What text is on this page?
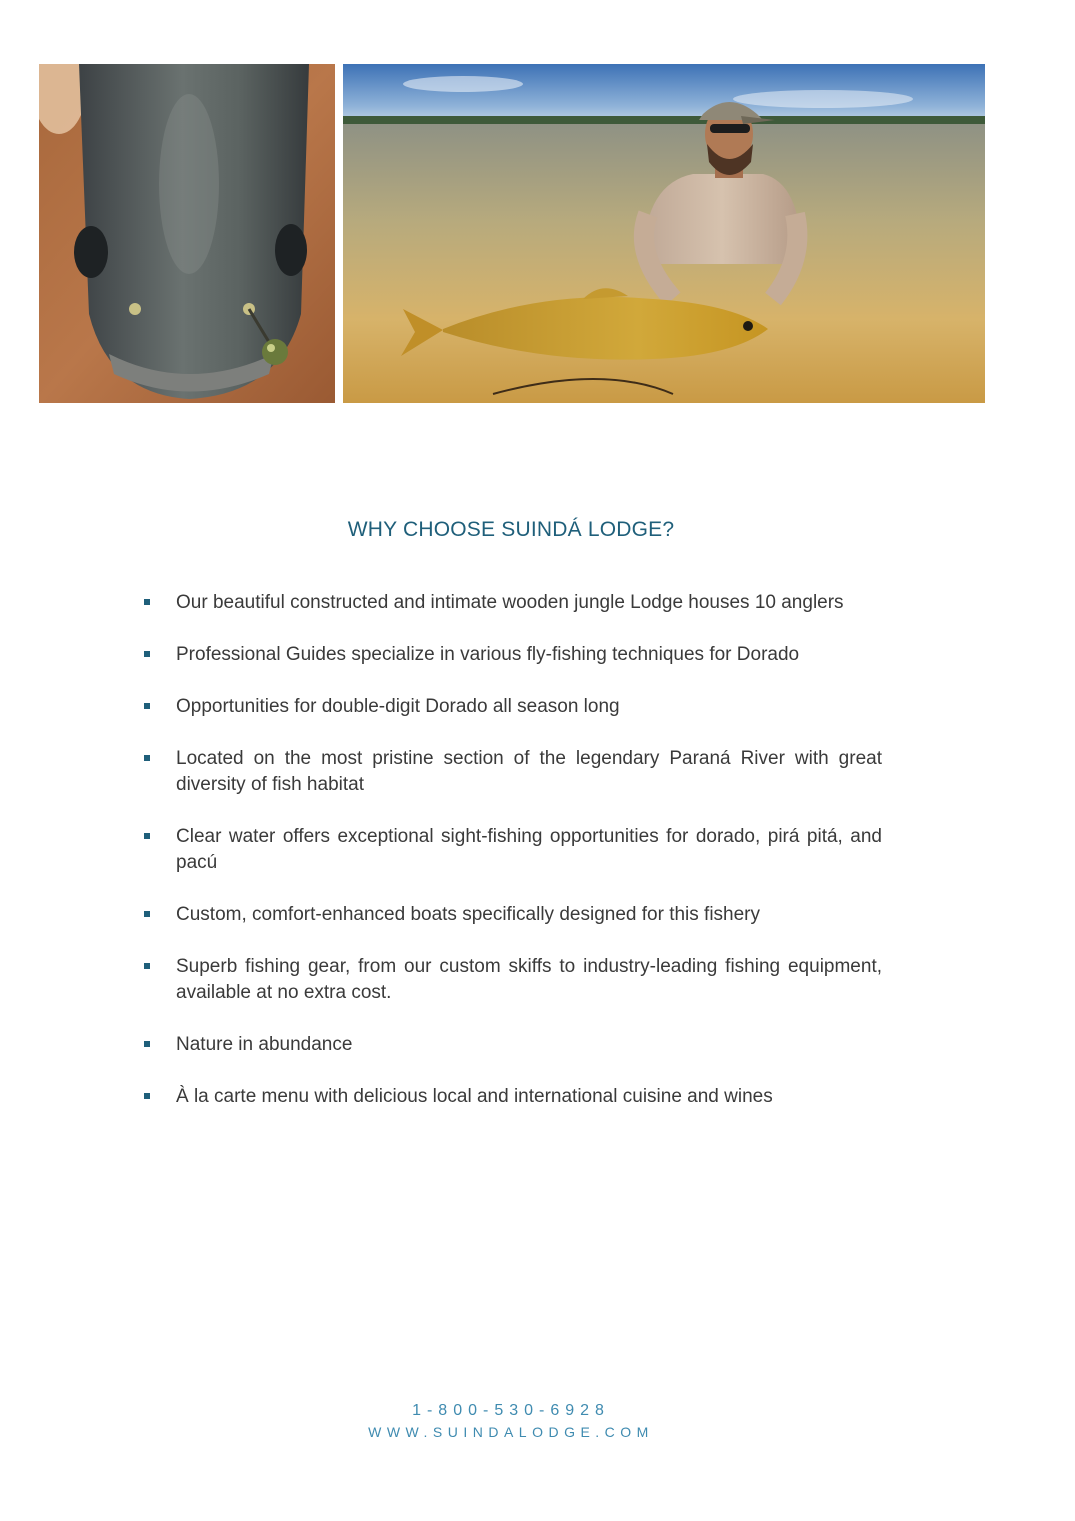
WHY CHOOSE SUINDÁ LODGE?
Our beautiful constructed and intimate wooden jungle Lodge houses 10 anglers
Professional Guides specialize in various fly-fishing techniques for Dorado
Opportunities for double-digit Dorado all season long
Located on the most pristine section of the legendary Paraná River with great diversity of fish habitat
Clear water offers exceptional sight-fishing opportunities for dorado, pirá pitá, and pacú
Custom, comfort-enhanced boats specifically designed for this fishery
Superb fishing gear, from our custom skiffs to industry-leading fishing equipment, available at no extra cost.
Nature in abundance
À la carte menu with delicious local and international cuisine and wines
1-800-530-6928
WWW.SUINDALODGE.COM
